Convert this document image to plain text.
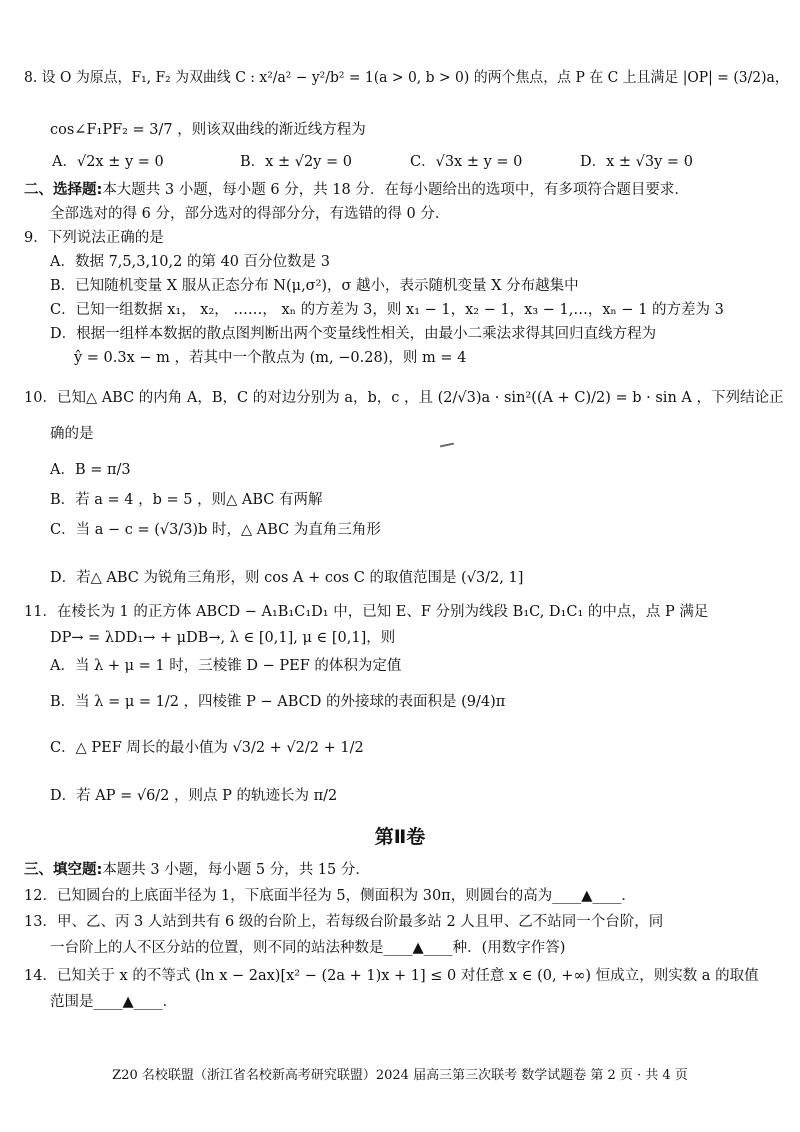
8. 设 O 为原点，F₁, F₂ 为双曲线 C : x²/a² − y²/b² = 1(a > 0, b > 0) 的两个焦点，点 P 在 C 上且满足 |OP| = (3/2)a，
cos∠F₁PF₂ = 3/7 ，则该双曲线的渐近线方程为
A．√2x ± y = 0	B．x ± √2y = 0	C．√3x ± y = 0	D．x ± √3y = 0
二、选择题:本大题共 3 小题，每小题 6 分，共 18 分．在每小题给出的选项中，有多项符合题目要求．
全部选对的得 6 分，部分选对的得部分分，有选错的得 0 分．
9．下列说法正确的是
A．数据 7,5,3,10,2 的第 40 百分位数是 3
B．已知随机变量 X 服从正态分布 N(μ,σ²)，σ 越小，表示随机变量 X 分布越集中
C．已知一组数据 x₁， x₂， ……， xₙ 的方差为 3，则 x₁ − 1，x₂ − 1，x₃ − 1,…，xₙ − 1 的方差为 3
D．根据一组样本数据的散点图判断出两个变量线性相关，由最小二乘法求得其回归直线方程为
ŷ = 0.3x − m ，若其中一个散点为 (m, −0.28)，则 m = 4
10．已知△ ABC 的内角 A，B，C 的对边分别为 a，b，c ，且 (2/√3)a · sin²((A + C)/2) = b · sin A ，下列结论正
确的是
A．B = π/3
B．若 a = 4 ，b = 5 ，则△ ABC 有两解
C．当 a − c = (√3/3)b 时，△ ABC 为直角三角形
D．若△ ABC 为锐角三角形，则 cos A + cos C 的取值范围是 (√3/2, 1]
11．在棱长为 1 的正方体 ABCD − A₁B₁C₁D₁ 中，已知 E、F 分别为线段 B₁C, D₁C₁ 的中点，点 P 满足
DP→ = λDD₁→ + μDB→, λ ∈ [0,1], μ ∈ [0,1]，则
A．当 λ + μ = 1 时，三棱锥 D − PEF 的体积为定值
B．当 λ = μ = 1/2 ，四棱锥 P − ABCD 的外接球的表面积是 (9/4)π
C．△ PEF 周长的最小值为 √3/2 + √2/2 + 1/2
D．若 AP = √6/2 ，则点 P 的轨迹长为 π/2
第Ⅱ卷
三、填空题:本题共 3 小题，每小题 5 分，共 15 分．
12．已知圆台的上底面半径为 1，下底面半径为 5，侧面积为 30π，则圆台的高为____▲____．
13．甲、乙、丙 3 人站到共有 6 级的台阶上，若每级台阶最多站 2 人且甲、乙不站同一个台阶，同
一台阶上的人不区分站的位置，则不同的站法种数是____▲____种．(用数字作答)
14．已知关于 x 的不等式 (ln x − 2ax)[x² − (2a + 1)x + 1] ≤ 0 对任意 x ∈ (0, +∞) 恒成立，则实数 a 的取值
范围是____▲____．
Z20 名校联盟（浙江省名校新高考研究联盟）2024 届高三第三次联考 数学试题卷 第 2 页 · 共 4 页
